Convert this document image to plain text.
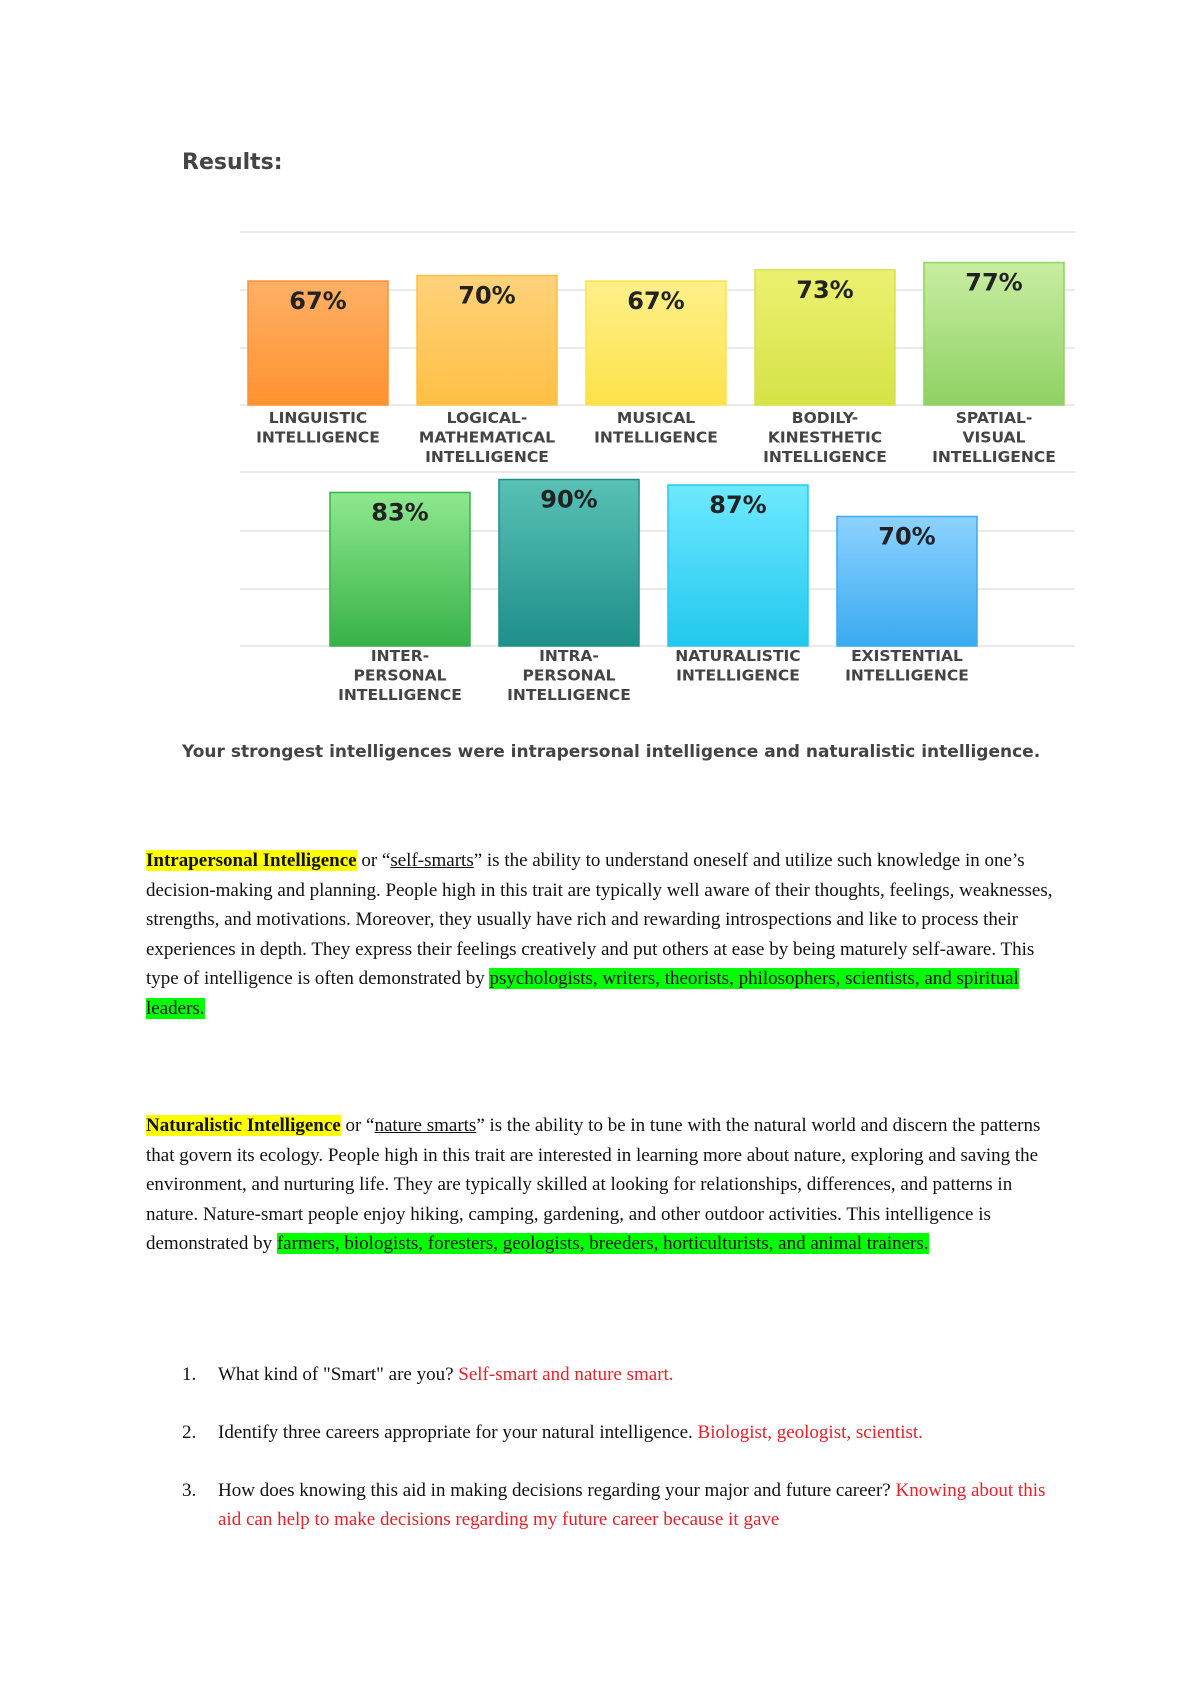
Results:
67%
LINGUISTIC
INTELLIGENCE
70%
LOGICAL-
MATHEMATICAL
INTELLIGENCE
67%
MUSICAL
INTELLIGENCE
73%
BODILY-
KINESTHETIC
INTELLIGENCE
77%
SPATIAL-
VISUAL
INTELLIGENCE
83%
INTER-
PERSONAL
INTELLIGENCE
90%
INTRA-
PERSONAL
INTELLIGENCE
87%
NATURALISTIC
INTELLIGENCE
70%
EXISTENTIAL
INTELLIGENCE
Your strongest intelligences were intrapersonal intelligence and naturalistic intelligence.

Intrapersonal Intelligence or “self-smarts” is the ability to understand oneself and utilize such knowledge in one’s decision-making and planning. People high in this trait are typically well aware of their thoughts, feelings, weaknesses, strengths, and motivations. Moreover, they usually have rich and rewarding introspections and like to process their experiences in depth. They express their feelings creatively and put others at ease by being maturely self-aware. This type of intelligence is often demonstrated by psychologists, writers, theorists, philosophers, scientists, and spiritual leaders.

Naturalistic Intelligence or “nature smarts” is the ability to be in tune with the natural world and discern the patterns that govern its ecology. People high in this trait are interested in learning more about nature, exploring and saving the environment, and nurturing life. They are typically skilled at looking for relationships, differences, and patterns in nature. Nature-smart people enjoy hiking, camping, gardening, and other outdoor activities. This intelligence is demonstrated by farmers, biologists, foresters, geologists, breeders, horticulturists, and animal trainers.

1. What kind of "Smart" are you? Self-smart and nature smart.
2. Identify three careers appropriate for your natural intelligence. Biologist, geologist, scientist.
3. How does knowing this aid in making decisions regarding your major and future career? Knowing about this aid can help to make decisions regarding my future career because it gave
